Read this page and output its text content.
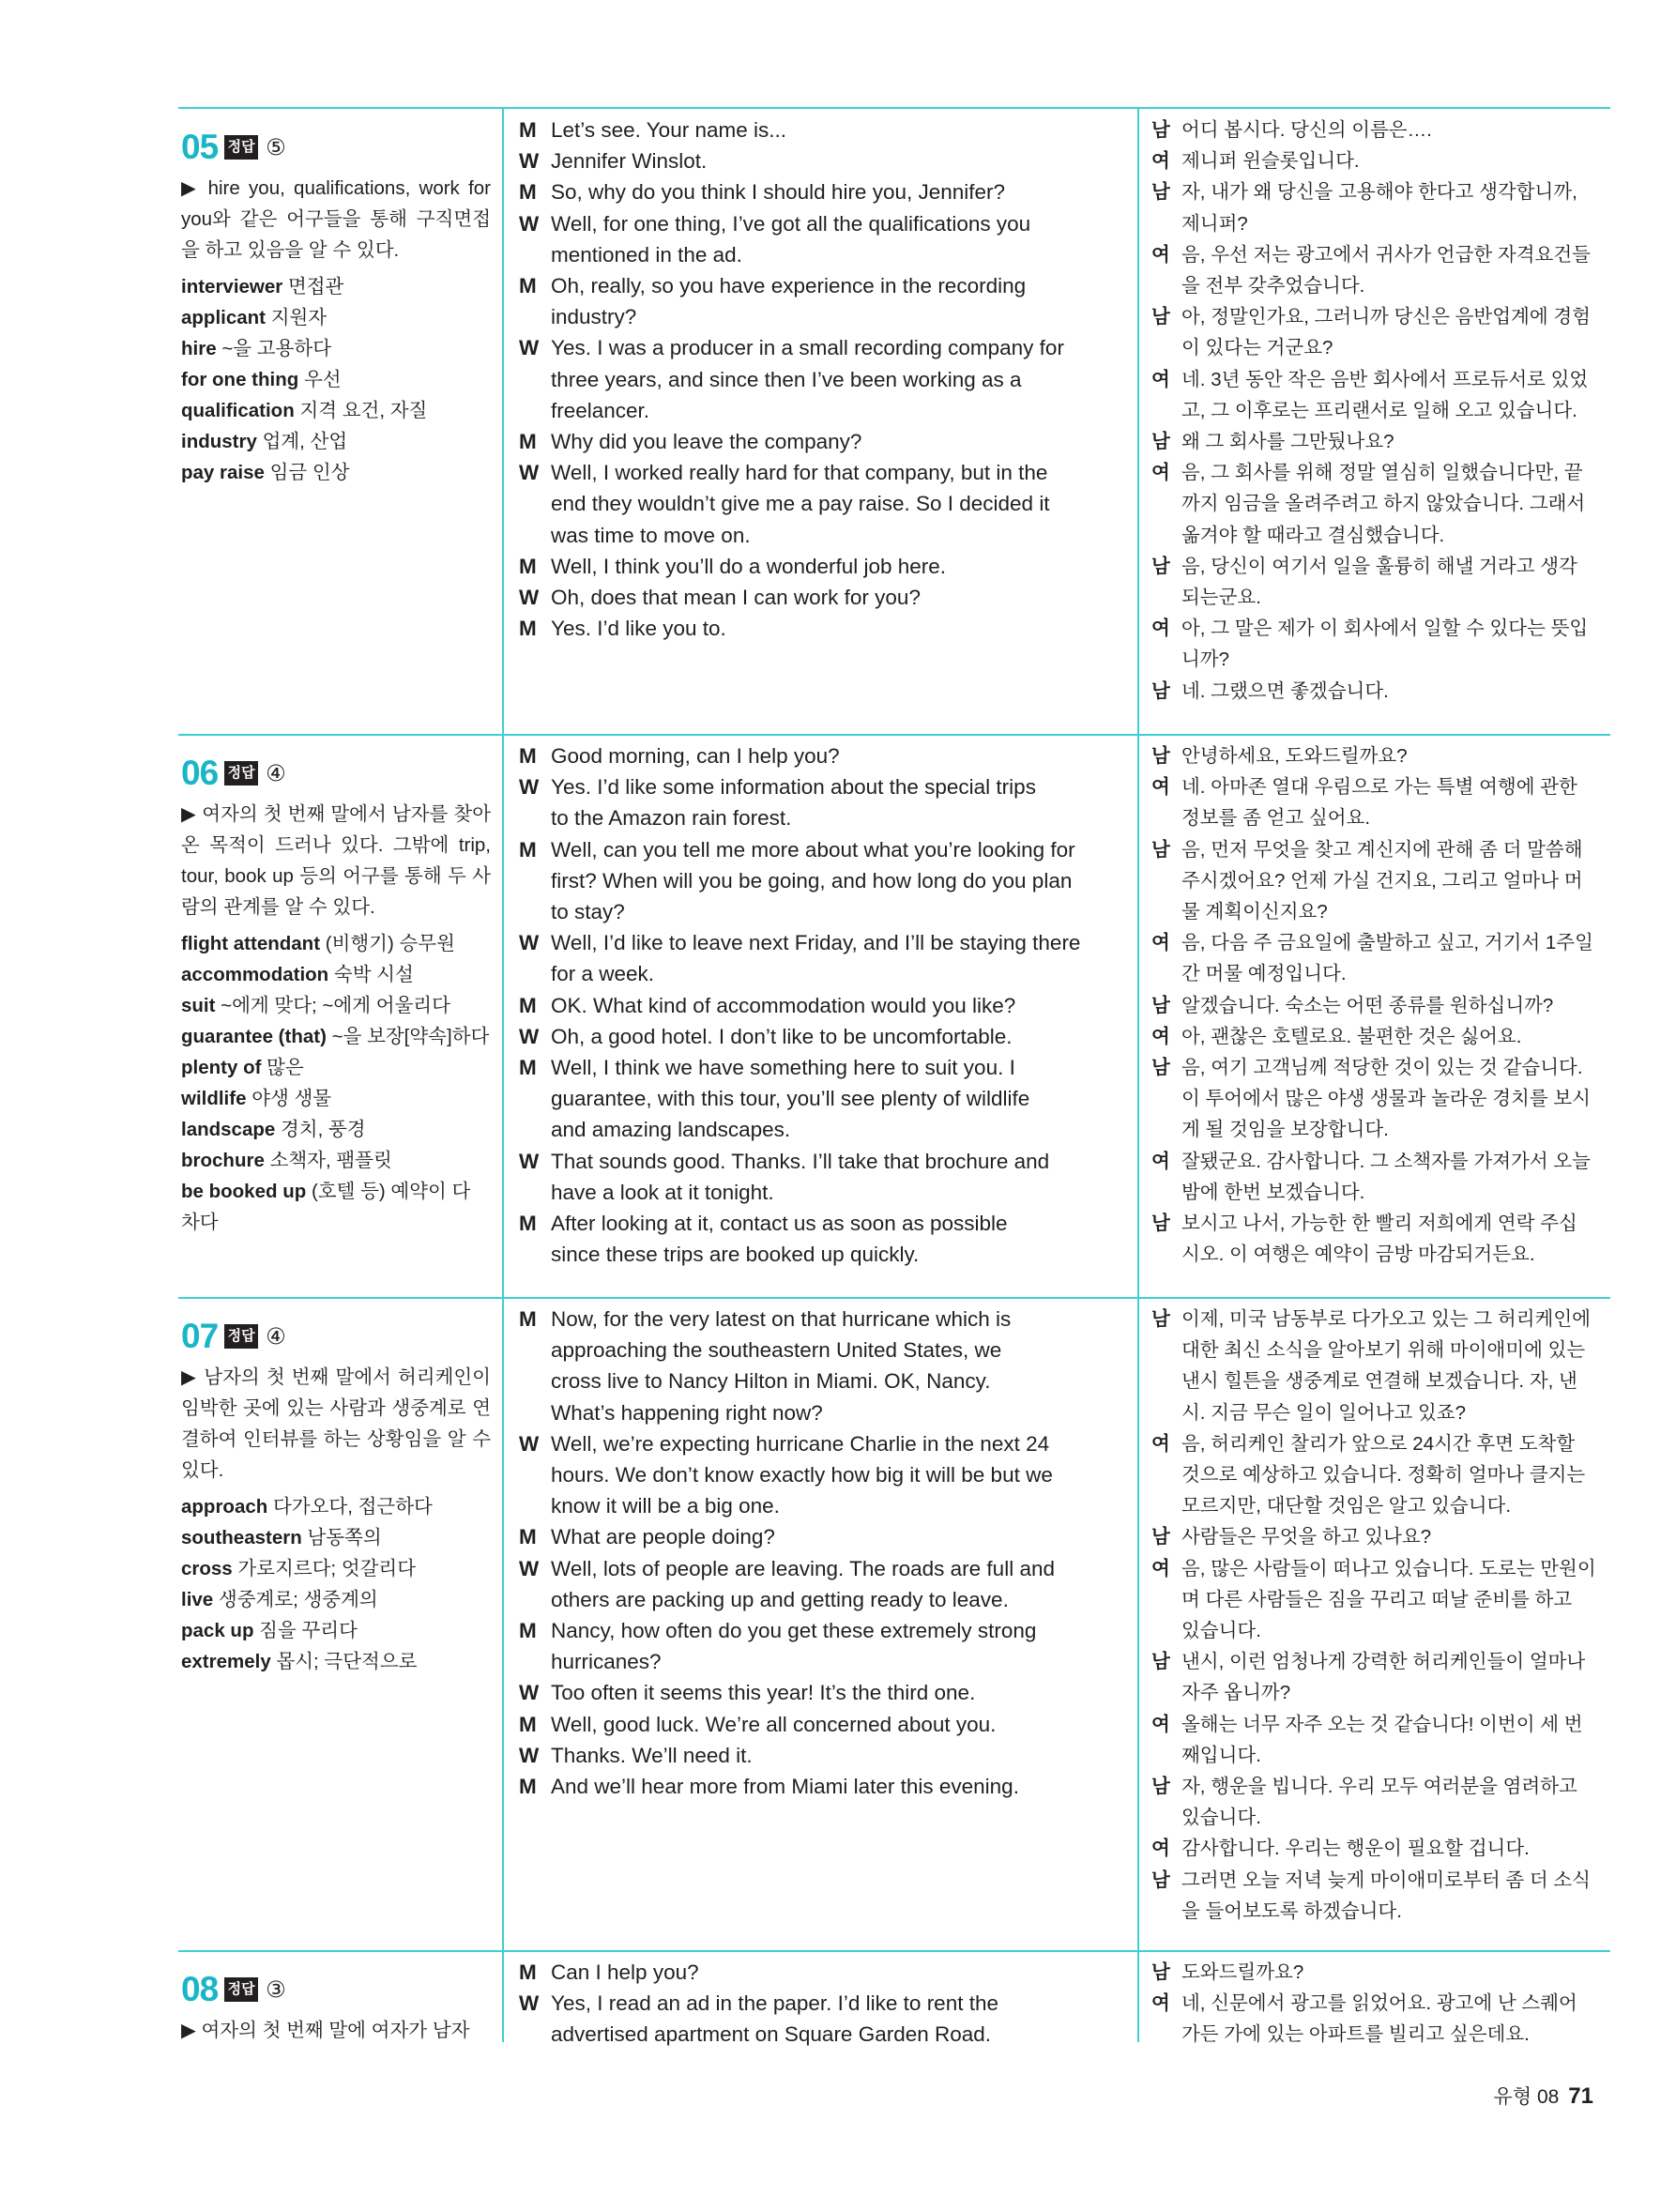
05 정답 ⑤

▶ hire you, qualifications, work for you와 같은 어구들을 통해 구직면접을 하고 있음을 알 수 있다.

interviewer 면접관
applicant 지원자
hire ~을 고용하다
for one thing 우선
qualification 지격 요건, 자질
industry 업계, 산업
pay raise 임금 인상
M Let’s see. Your name is...
W Jennifer Winslot.
M So, why do you think I should hire you, Jennifer?
W Well, for one thing, I’ve got all the qualifications you
mentioned in the ad.
M Oh, really, so you have experience in the recording
industry?
W Yes. I was a producer in a small recording company for
three years, and since then I’ve been working as a
freelancer.
M Why did you leave the company?
W Well, I worked really hard for that company, but in the
end they wouldn’t give me a pay raise. So I decided it
was time to move on.
M Well, I think you’ll do a wonderful job here.
W Oh, does that mean I can work for you?
M Yes. I’d like you to.
남 어디 봅시다. 당신의 이름은….
여 제니퍼 윈슬롯입니다.
남 자, 내가 왜 당신을 고용해야 한다고 생각합니까,
제니퍼?
여 음, 우선 저는 광고에서 귀사가 언급한 자격요건들
을 전부 갖추었습니다.
남 아, 정말인가요, 그러니까 당신은 음반업계에 경험
이 있다는 거군요?
여 네. 3년 동안 작은 음반 회사에서 프로듀서로 있었
고, 그 이후로는 프리랜서로 일해 오고 있습니다.
남 왜 그 회사를 그만뒀나요?
여 음, 그 회사를 위해 정말 열심히 일했습니다만, 끝
까지 임금을 올려주려고 하지 않았습니다. 그래서
옮겨야 할 때라고 결심했습니다.
남 음, 당신이 여기서 일을 훌륭히 해낼 거라고 생각
되는군요.
여 아, 그 말은 제가 이 회사에서 일할 수 있다는 뜻입
니까?
남 네. 그랬으면 좋겠습니다.
06 정답 ④

▶ 여자의 첫 번째 말에서 남자를 찾아온 목적이 드러나 있다. 그밖에 trip, tour, book up 등의 어구를 통해 두 사람의 관계를 알 수 있다.

flight attendant (비행기) 승무원
accommodation 숙박 시설
suit ~에게 맞다; ~에게 어울리다
guarantee (that) ~을 보장[약속]하다
plenty of 많은
wildlife 야생 생물
landscape 경치, 풍경
brochure 소책자, 팸플릿
be booked up (호텔 등) 예약이 다 차다
M Good morning, can I help you?
W Yes. I’d like some information about the special trips
to the Amazon rain forest.
M Well, can you tell me more about what you’re looking for
first? When will you be going, and how long do you plan
to stay?
W Well, I’d like to leave next Friday, and I’ll be staying there
for a week.
M OK. What kind of accommodation would you like?
W Oh, a good hotel. I don’t like to be uncomfortable.
M Well, I think we have something here to suit you. I
guarantee, with this tour, you’ll see plenty of wildlife
and amazing landscapes.
W That sounds good. Thanks. I’ll take that brochure and
have a look at it tonight.
M After looking at it, contact us as soon as possible
since these trips are booked up quickly.
남 안녕하세요, 도와드릴까요?
여 네. 아마존 열대 우림으로 가는 특별 여행에 관한
정보를 좀 얻고 싶어요.
남 음, 먼저 무엇을 찾고 계신지에 관해 좀 더 말씀해
주시겠어요? 언제 가실 건지요, 그리고 얼마나 머
물 계획이신지요?
여 음, 다음 주 금요일에 출발하고 싶고, 거기서 1주일
간 머물 예정입니다.
남 알겠습니다. 숙소는 어떤 종류를 원하십니까?
여 아, 괜찮은 호텔로요. 불편한 것은 싫어요.
남 음, 여기 고객님께 적당한 것이 있는 것 같습니다.
이 투어에서 많은 야생 생물과 놀라운 경치를 보시
게 될 것임을 보장합니다.
여 잘됐군요. 감사합니다. 그 소책자를 가져가서 오늘
밤에 한번 보겠습니다.
남 보시고 나서, 가능한 한 빨리 저희에게 연락 주십
시오. 이 여행은 예약이 금방 마감되거든요.
07 정답 ④

▶ 남자의 첫 번째 말에서 허리케인이 임박한 곳에 있는 사람과 생중계로 연결하여 인터뷰를 하는 상황임을 알 수 있다.

approach 다가오다, 접근하다
southeastern 남동쪽의
cross 가로지르다; 엇갈리다
live 생중계로; 생중계의
pack up 짐을 꾸리다
extremely 몹시; 극단적으로
M Now, for the very latest on that hurricane which is
approaching the southeastern United States, we
cross live to Nancy Hilton in Miami. OK, Nancy.
What’s happening right now?
W Well, we’re expecting hurricane Charlie in the next 24
hours. We don’t know exactly how big it will be but we
know it will be a big one.
M What are people doing?
W Well, lots of people are leaving. The roads are full and
others are packing up and getting ready to leave.
M Nancy, how often do you get these extremely strong
hurricanes?
W Too often it seems this year! It’s the third one.
M Well, good luck. We’re all concerned about you.
W Thanks. We’ll need it.
M And we’ll hear more from Miami later this evening.
남 이제, 미국 남동부로 다가오고 있는 그 허리케인에
대한 최신 소식을 알아보기 위해 마이애미에 있는
낸시 힐튼을 생중계로 연결해 보겠습니다. 자, 낸
시. 지금 무슨 일이 일어나고 있죠?
여 음, 허리케인 찰리가 앞으로 24시간 후면 도착할
것으로 예상하고 있습니다. 정확히 얼마나 클지는
모르지만, 대단할 것임은 알고 있습니다.
남 사람들은 무엇을 하고 있나요?
여 음, 많은 사람들이 떠나고 있습니다. 도로는 만원이
며 다른 사람들은 짐을 꾸리고 떠날 준비를 하고
있습니다.
남 낸시, 이런 엄청나게 강력한 허리케인들이 얼마나
자주 옵니까?
여 올해는 너무 자주 오는 것 같습니다! 이번이 세 번
째입니다.
남 자, 행운을 빕니다. 우리 모두 여러분을 염려하고
있습니다.
여 감사합니다. 우리는 행운이 필요할 겁니다.
남 그러면 오늘 저녁 늦게 마이애미로부터 좀 더 소식
을 들어보도록 하겠습니다.
08 정답 ③

▶ 여자의 첫 번째 말에 여자가 남자

M Can I help you?
W Yes, I read an ad in the paper. I’d like to rent the
advertised apartment on Square Garden Road.
남 도와드릴까요?
여 네, 신문에서 광고를 읽었어요. 광고에 난 스퀘어
가든 가에 있는 아파트를 빌리고 싶은데요.
유형 08 71
